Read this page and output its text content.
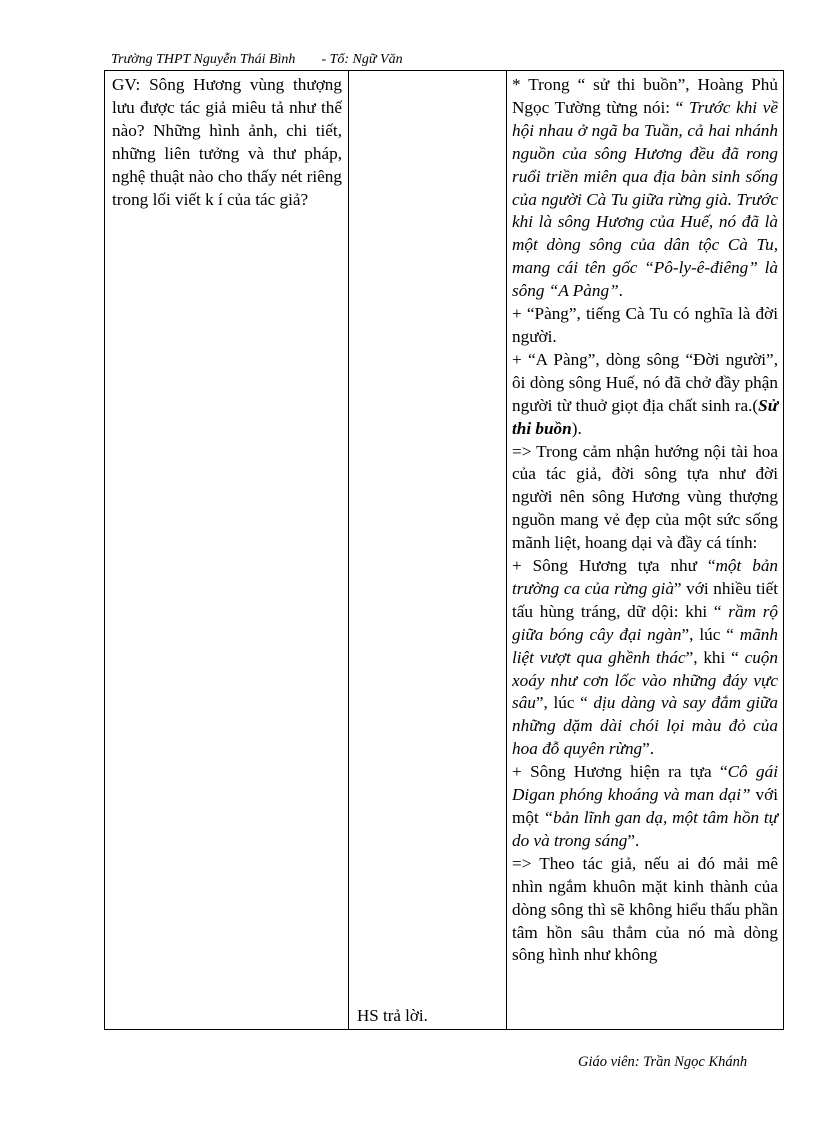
Trường THPT Nguyễn Thái Bình - Tổ: Ngữ Văn

GV: Sông Hương vùng thượng lưu được tác giả miêu tả như thế nào? Những hình ảnh, chi tiết, những liên tưởng và thư pháp, nghệ thuật nào cho thấy nét riêng trong lối viết k í của tác giả?

HS trả lời.

* Trong “ sử thi buồn”, Hoàng Phủ Ngọc Tường từng nói: “ Trước khi về hội nhau ở ngã ba Tuần, cả hai nhánh nguồn của sông Hương đều đã rong ruổi triền miên qua địa bàn sinh sống của người Cà Tu giữa rừng già. Trước khi là sông Hương của Huế, nó đã là một dòng sông của dân tộc Cà Tu, mang cái tên gốc “Pô-ly-ê-điêng” là sông “A Pàng”.

+ “Pàng”, tiếng Cà Tu có nghĩa là đời người.

+ “A Pàng”, dòng sông “Đời người”, ôi dòng sông Huế, nó đã chở đầy phận người từ thuở giọt địa chất sinh ra.(Sử thi buồn).

=> Trong cảm nhận hướng nội tài hoa của tác giả, đời sông tựa như đời người nên sông Hương vùng thượng nguồn mang vẻ đẹp của một sức sống mãnh liệt, hoang dại và đầy cá tính:

+ Sông Hương tựa như “một bản trường ca của rừng già” với nhiều tiết tấu hùng tráng, dữ dội: khi “ rầm rộ giữa bóng cây đại ngàn”, lúc “ mãnh liệt vượt qua ghềnh thác”, khi “ cuộn xoáy như cơn lốc vào những đáy vực sâu”, lúc “ dịu dàng và say đắm giữa những dặm dài chói lọi màu đỏ của hoa đỗ quyên rừng”.

+ Sông Hương hiện ra tựa “Cô gái Digan phóng khoáng và man dại” với một “bản lĩnh gan dạ, một tâm hồn tự do và trong sáng”.

=> Theo tác giả, nếu ai đó mải mê nhìn ngắm khuôn mặt kinh thành của dòng sông thì sẽ không hiểu thấu phần tâm hồn sâu thẳm của nó mà dòng sông hình như không

Giáo viên: Trần Ngọc Khánh
